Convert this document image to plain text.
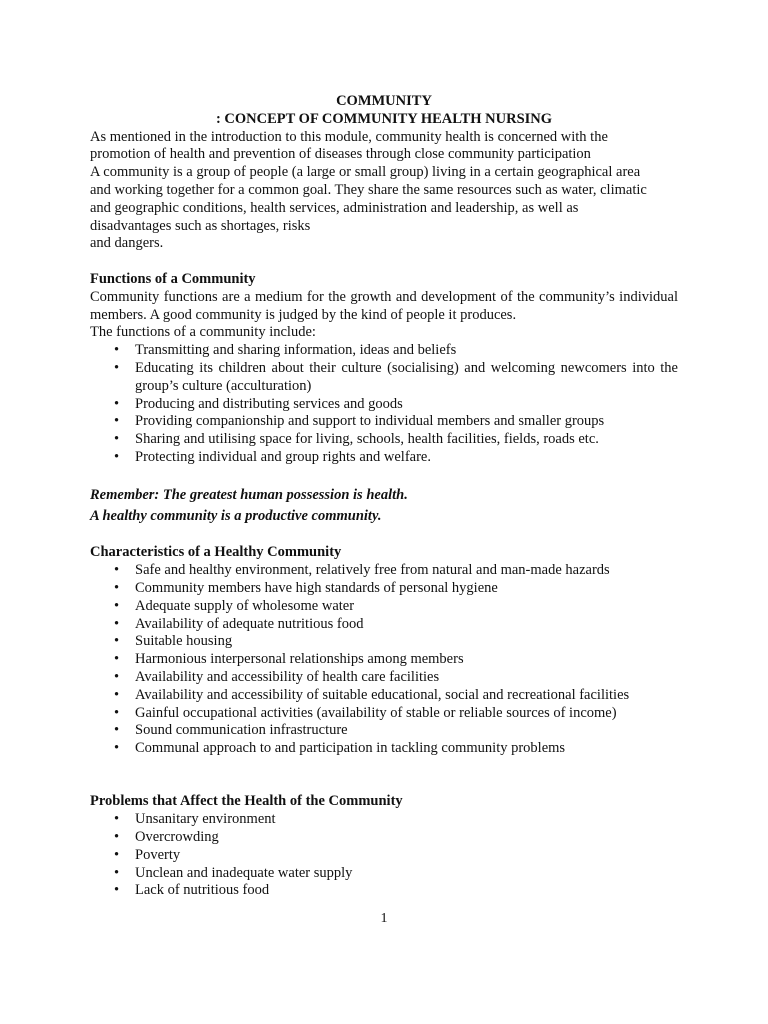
COMMUNITY
: CONCEPT OF COMMUNITY HEALTH NURSING
As mentioned in the introduction to this module, community health is concerned with the
promotion of health and prevention of diseases through close community participation
A community is a group of people (a large or small group) living in a certain geographical area
and working together for a common goal. They share the same resources such as water, climatic
and geographic conditions, health services, administration and leadership, as well as
disadvantages such as shortages, risks
and dangers.

Functions of a Community

Community functions are a medium for the growth and development of the community’s individual members. A good community is judged by the kind of people it produces.

The functions of a community include:

• Transmitting and sharing information, ideas and beliefs
• Educating its children about their culture (socialising) and welcoming newcomers into the group’s culture (acculturation)
• Producing and distributing services and goods
• Providing companionship and support to individual members and smaller groups
• Sharing and utilising space for living, schools, health facilities, fields, roads etc.
• Protecting individual and group rights and welfare.
Remember: The greatest human possession is health.
A healthy community is a productive community.

Characteristics of a Healthy Community

• Safe and healthy environment, relatively free from natural and man-made hazards
• Community members have high standards of personal hygiene
• Adequate supply of wholesome water
• Availability of adequate nutritious food
• Suitable housing
• Harmonious interpersonal relationships among members
• Availability and accessibility of health care facilities
• Availability and accessibility of suitable educational, social and recreational facilities
• Gainful occupational activities (availability of stable or reliable sources of income)
• Sound communication infrastructure
• Communal approach to and participation in tackling community problems

Problems that Affect the Health of the Community

• Unsanitary environment
• Overcrowding
• Poverty
• Unclean and inadequate water supply
• Lack of nutritious food
1
